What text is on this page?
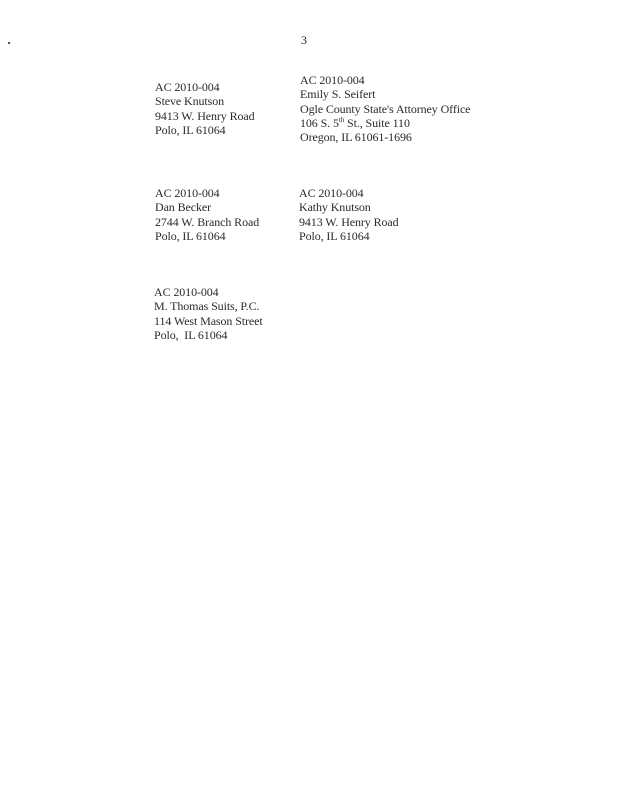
3
AC 2010-004
Steve Knutson
9413 W. Henry Road
Polo, IL 61064
AC 2010-004
Emily S. Seifert
Ogle County State's Attorney Office
106 S. 5th St., Suite 110
Oregon, IL 61061-1696
AC 2010-004
Dan Becker
2744 W. Branch Road
Polo, IL 61064
AC 2010-004
Kathy Knutson
9413 W. Henry Road
Polo, IL 61064
AC 2010-004
M. Thomas Suits, P.C.
114 West Mason Street
Polo,  IL 61064
